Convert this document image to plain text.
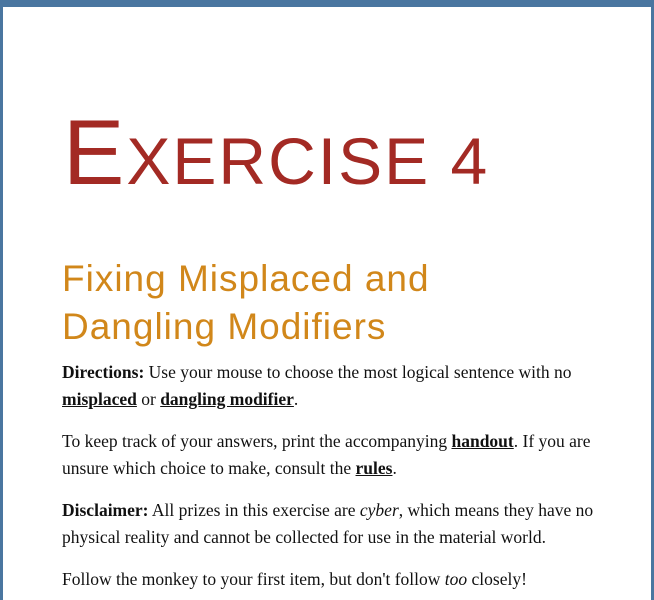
EXERCISE 4
Fixing Misplaced and
Dangling Modifiers

Directions: Use your mouse to choose the most logical sentence with no misplaced or dangling modifier.

To keep track of your answers, print the accompanying handout. If you are unsure which choice to make, consult the rules.

Disclaimer: All prizes in this exercise are cyber, which means they have no physical reality and cannot be collected for use in the material world.

Follow the monkey to your first item, but don't follow too closely!
